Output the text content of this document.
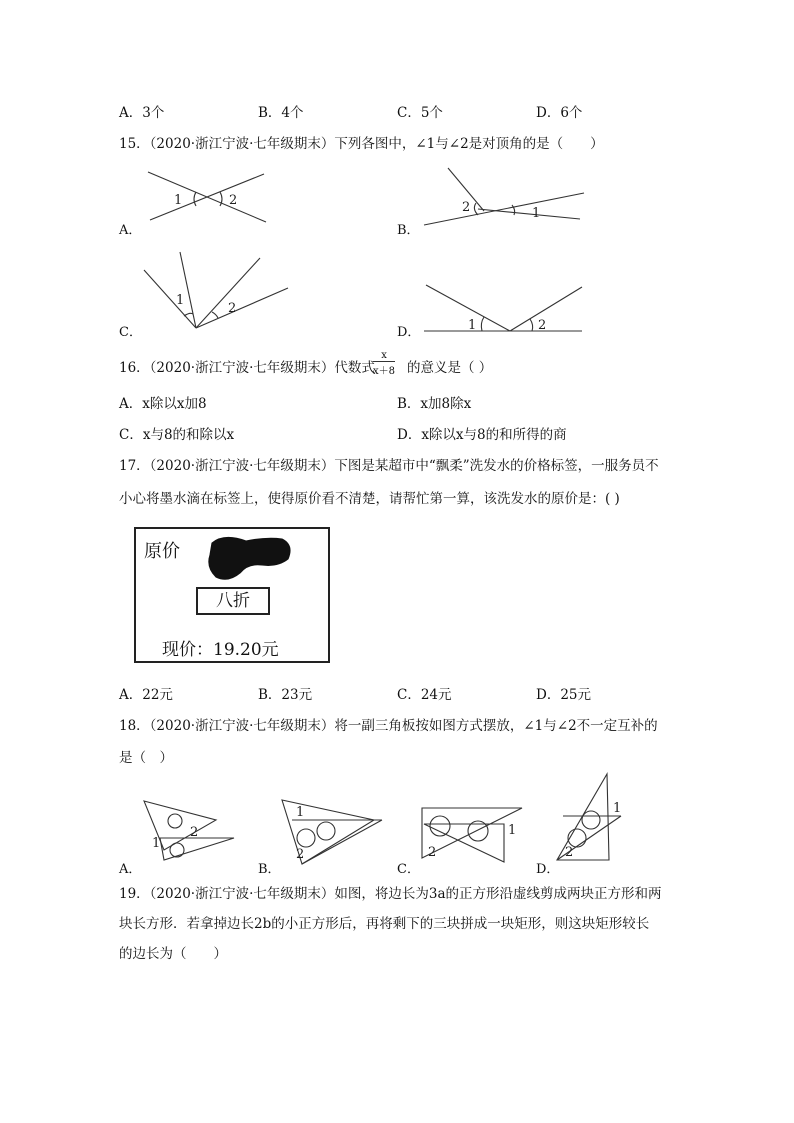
A．3个	B．4个	C．5个	D．6个
15．（2020·浙江宁波·七年级期末）下列各图中，∠1与∠2是对顶角的是（　　）
1	2
A．
2	1
B．
1
2
C．	1	2
D．
16．（2020·浙江宁波·七年级期末）代数式
$\frac{x}{x+8}$ 的意义是（ ）
A．x除以x加8	B．x加8除x
C．x与8的和除以x	D．x除以x与8的和所得的商
17．（2020·浙江宁波·七年级期末）下图是某超市中“飘柔”洗发水的价格标签，一服务员不
小心将墨水滴在标签上，使得原价看不清楚，请帮忙第一算，该洗发水的原价是：( )
原价
八折
现价：19.20元
A．22元	B．23元	C．24元	D．25元
18．（2020·浙江宁波·七年级期末）将一副三角板按如图方式摆放，∠1与∠2不一定互补的
是（　）
1
2
A．
1
2
B．
2
1
C．
1
2
D．
19．（2020·浙江宁波·七年级期末）如图，将边长为3a的正方形沿虚线剪成两块正方形和两
块长方形．若拿掉边长2b的小正方形后，再将剩下的三块拼成一块矩形，则这块矩形较长
的边长为（　　）
